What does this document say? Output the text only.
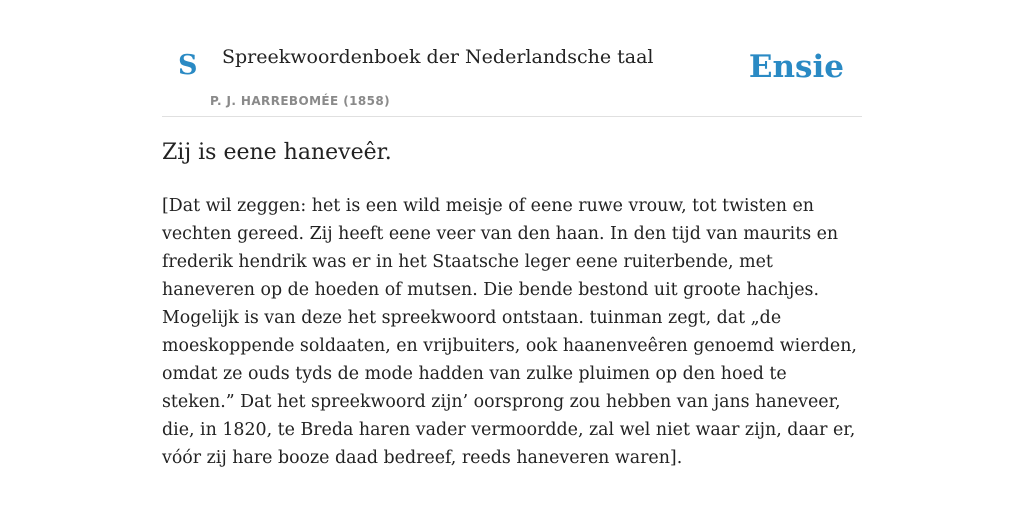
S Spreekwoordenboek der Nederlandsche taal
P. J. HARREBOMÉE (1858)
Ensie
Zij is eene haneveêr.

[Dat wil zeggen: het is een wild meisje of eene ruwe vrouw, tot twisten en vechten gereed. Zij heeft eene veer van den haan. In den tijd van maurits en frederik hendrik was er in het Staatsche leger eene ruiterbende, met haneveren op de hoeden of mutsen. Die bende bestond uit groote hachjes. Mogelijk is van deze het spreekwoord ontstaan. tuinman zegt, dat „de moeskoppende soldaaten, en vrijbuiters, ook haanenveêren genoemd wierden, omdat ze ouds tyds de mode hadden van zulke pluimen op den hoed te steken.” Dat het spreekwoord zijn’ oorsprong zou hebben van jans haneveer, die, in 1820, te Breda haren vader vermoordde, zal wel niet waar zijn, daar er, vóór zij hare booze daad bedreef, reeds haneveren waren].
